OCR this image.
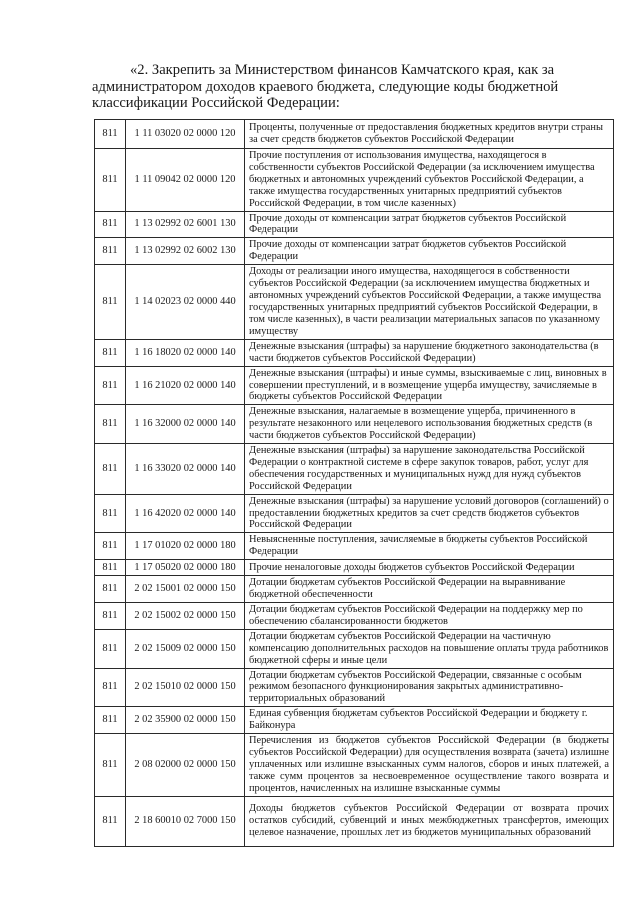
«2. Закрепить за Министерством финансов Камчатского края, как за
администратором доходов краевого бюджета, следующие коды бюджетной
классификации Российской Федерации:
811	1 11 03020 02 0000 120	Проценты, полученные от предоставления бюджетных кредитов внутри страны за счет средств бюджетов субъектов Российской Федерации
811	1 11 09042 02 0000 120	Прочие поступления от использования имущества, находящегося в собственности субъектов Российской Федерации (за исключением имущества бюджетных и автономных учреждений субъектов Российской Федерации, а также имущества государственных унитарных предприятий субъектов Российской Федерации, в том числе казенных)
811	1 13 02992 02 6001 130	Прочие доходы от компенсации затрат бюджетов субъектов Российской Федерации
811	1 13 02992 02 6002 130	Прочие доходы от компенсации затрат бюджетов субъектов Российской Федерации
811	1 14 02023 02 0000 440	Доходы от реализации иного имущества, находящегося в собственности субъектов Российской Федерации (за исключением имущества бюджетных и автономных учреждений субъектов Российской Федерации, а также имущества государственных унитарных предприятий субъектов Российской Федерации, в том числе казенных), в части реализации материальных запасов по указанному имуществу
811	1 16 18020 02 0000 140	Денежные взыскания (штрафы) за нарушение бюджетного законодательства (в части бюджетов субъектов Российской Федерации)
811	1 16 21020 02 0000 140	Денежные взыскания (штрафы) и иные суммы, взыскиваемые с лиц, виновных в совершении преступлений, и в возмещение ущерба имуществу, зачисляемые в бюджеты субъектов Российской Федерации
811	1 16 32000 02 0000 140	Денежные взыскания, налагаемые в возмещение ущерба, причиненного в результате незаконного или нецелевого использования бюджетных средств (в части бюджетов субъектов Российской Федерации)
811	1 16 33020 02 0000 140	Денежные взыскания (штрафы) за нарушение законодательства Российской Федерации о контрактной системе в сфере закупок товаров, работ, услуг для обеспечения государственных и муниципальных нужд для нужд субъектов Российской Федерации
811	1 16 42020 02 0000 140	Денежные взыскания (штрафы) за нарушение условий договоров (соглашений) о предоставлении бюджетных кредитов за счет средств бюджетов субъектов Российской Федерации
811	1 17 01020 02 0000 180	Невыясненные поступления, зачисляемые в бюджеты субъектов Российской Федерации
811	1 17 05020 02 0000 180	Прочие неналоговые доходы бюджетов субъектов Российской Федерации
811	2 02 15001 02 0000 150	Дотации бюджетам субъектов Российской Федерации на выравнивание бюджетной обеспеченности
811	2 02 15002 02 0000 150	Дотации бюджетам субъектов Российской Федерации на поддержку мер по обеспечению сбалансированности бюджетов
811	2 02 15009 02 0000 150	Дотации бюджетам субъектов Российской Федерации на частичную компенсацию дополнительных расходов на повышение оплаты труда работников бюджетной сферы и иные цели
811	2 02 15010 02 0000 150	Дотации бюджетам субъектов Российской Федерации, связанные с особым режимом безопасного функционирования закрытых административно-территориальных образований
811	2 02 35900 02 0000 150	Единая субвенция бюджетам субъектов Российской Федерации и бюджету г. Байконура
811	2 08 02000 02 0000 150	Перечисления из бюджетов субъектов Российской Федерации (в бюджеты субъектов Российской Федерации) для осуществления возврата (зачета) излишне уплаченных или излишне взысканных сумм налогов, сборов и иных платежей, а также сумм процентов за несвоевременное осуществление такого возврата и процентов, начисленных на излишне взысканные суммы
811	2 18 60010 02 7000 150	Доходы бюджетов субъектов Российской Федерации от возврата прочих остатков субсидий, субвенций и иных межбюджетных трансфертов, имеющих целевое назначение, прошлых лет из бюджетов муниципальных образований
